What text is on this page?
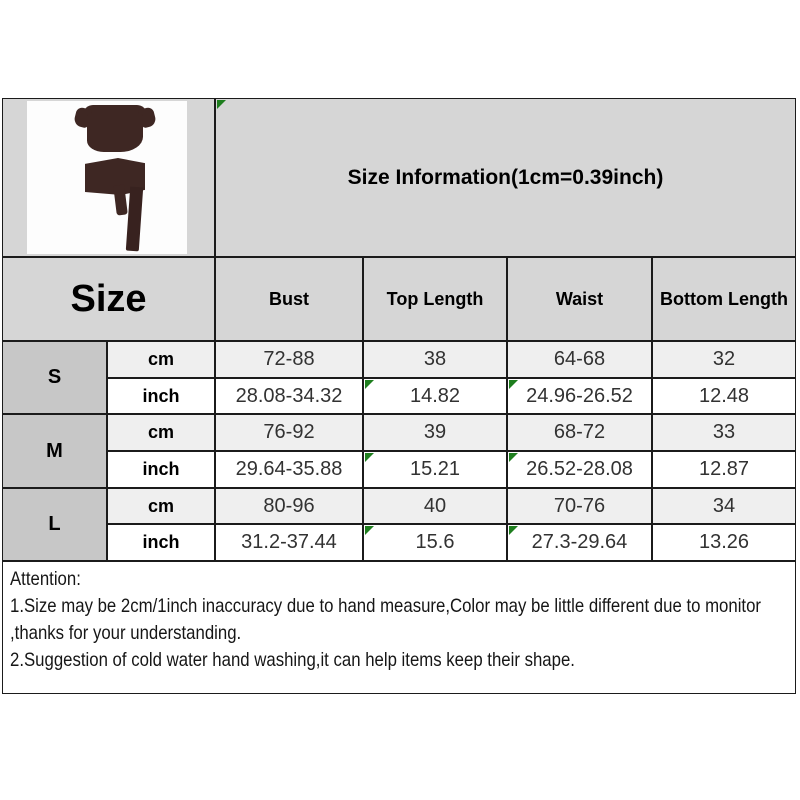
Size Information(1cm=0.39inch)
Size	Bust	Top Length	Waist	Bottom Length
S
cm	72-88	38	64-68	32
inch	28.08-34.32	14.82	24.96-26.52	12.48
M
cm	76-92	39	68-72	33
inch	29.64-35.88	15.21	26.52-28.08	12.87
L
cm	80-96	40	70-76	34
inch	31.2-37.44	15.6	27.3-29.64	13.26
Attention:
1.Size may be 2cm/1inch inaccuracy due to hand measure,Color may be little different due to monitor
,thanks for your understanding.
2.Suggestion of cold water hand washing,it can help items keep their shape.
